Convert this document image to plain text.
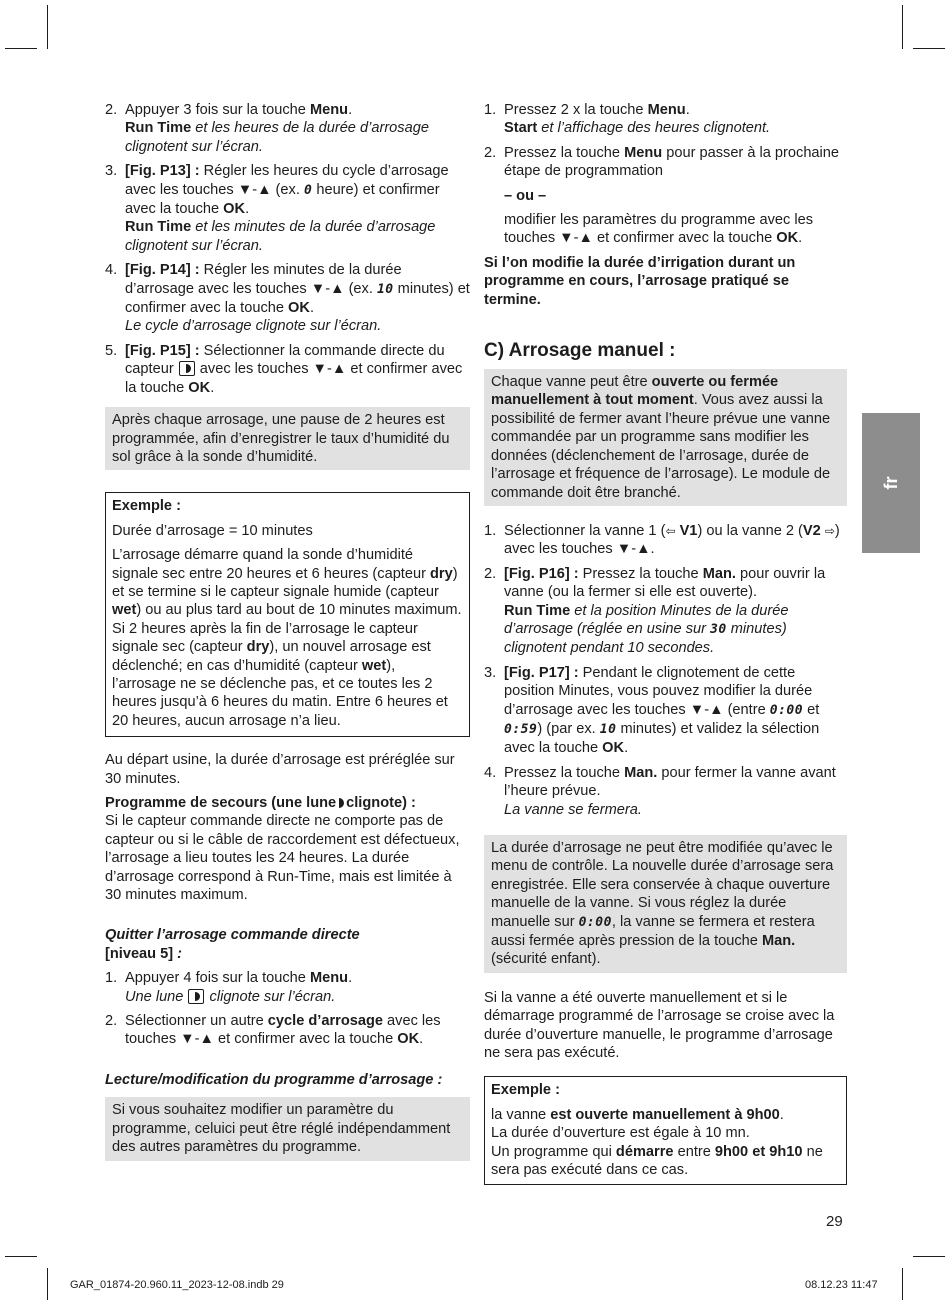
2. Appuyer 3 fois sur la touche Menu.
Run Time et les heures de la durée d’arrosage clignotent sur l’écran.
3. [Fig. P13] : Régler les heures du cycle d’arrosage avec les touches ▼-▲ (ex. 0 heure) et confirmer avec la touche OK.
Run Time et les minutes de la durée d’arrosage clignotent sur l’écran.
4. [Fig. P14] : Régler les minutes de la durée d’arrosage avec les touches ▼-▲ (ex. 10 minutes) et confirmer avec la touche OK.
Le cycle d’arrosage clignote sur l’écran.
5. [Fig. P15] : Sélectionner la commande directe du capteur  avec les touches ▼-▲ et confirmer avec la touche OK.
Après chaque arrosage, une pause de 2 heures est programmée, afin d’enregistrer le taux d’humidité du sol grâce à la sonde d’humidité.

Exemple :

Durée d’arrosage = 10 minutes

L’arrosage démarre quand la sonde d’humidité signale sec entre 20 heures et 6 heures (capteur dry) et se termine si le capteur signale humide (capteur wet) ou au plus tard au bout de 10 minutes maximum. Si 2 heures après la fin de l’arrosage le capteur signale sec (capteur dry), un nouvel arrosage est déclenché; en cas d’humidité (capteur wet), l’arrosage ne se déclenche pas, et ce toutes les 2 heures jusqu’à 6 heures du matin. Entre 6 heures et 20 heures, aucun arrosage n’a lieu.

Au départ usine, la durée d’arrosage est préréglée sur 30 minutes.

Programme de secours (une lune clignote) :
Si le capteur commande directe ne comporte pas de capteur ou si le câble de raccordement est défectueux, l’arrosage a lieu toutes les 24 heures. La durée d’arrosage correspond à Run-Time, mais est limitée à 30 minutes maximum.

Quitter l’arrosage commande directe
[niveau 5] :

1. Appuyer 4 fois sur la touche Menu.
Une lune  clignote sur l’écran.
2. Sélectionner un autre cycle d’arrosage avec les touches ▼-▲ et confirmer avec la touche OK.

Lecture/modification du programme d’arrosage :

Si vous souhaitez modifier un paramètre du programme, celuici peut être réglé indépendamment des autres paramètres du programme.
1. Pressez 2 x la touche Menu.
Start et l’affichage des heures clignotent.
2. Pressez la touche Menu pour passer à la prochaine étape de programmation
– ou –
modifier les paramètres du programme avec les touches ▼-▲ et confirmer avec la touche OK.

Si l’on modifie la durée d’irrigation durant un programme en cours, l’arrosage pratiqué se termine.

C) Arrosage manuel :
Chaque vanne peut être ouverte ou fermée manuellement à tout moment. Vous avez aussi la possibilité de fermer avant l’heure prévue une vanne commandée par un programme sans modifier les données (déclenchement de l’arrosage, durée de l’arrosage et fréquence de l’arrosage). Le module de commande doit être branché.
1. Sélectionner la vanne 1 (⇦ V1) ou la vanne 2 (V2 ⇨) avec les touches ▼-▲.
2. [Fig. P16] : Pressez la touche Man. pour ouvrir la vanne (ou la fermer si elle est ouverte).
Run Time et la position Minutes de la durée d’arrosage (réglée en usine sur 30 minutes) clignotent pendant 10 secondes.
3. [Fig. P17] : Pendant le clignotement de cette position Minutes, vous pouvez modifier la durée d’arrosage avec les touches ▼-▲ (entre 0:00 et 0:59) (par ex. 10 minutes) et validez la sélection avec la touche OK.
4. Pressez la touche Man. pour fermer la vanne avant l’heure prévue.
La vanne se fermera.
La durée d’arrosage ne peut être modifiée qu’avec le menu de contrôle. La nouvelle durée d’arrosage sera enregistrée. Elle sera conservée à chaque ouverture manuelle de la vanne. Si vous réglez la durée manuelle sur 0:00, la vanne se fermera et restera aussi fermée après pression de la touche Man. (sécurité enfant).

Si la vanne a été ouverte manuellement et si le démarrage programmé de l’arrosage se croise avec la durée d’ouverture manuelle, le programme d’arrosage ne sera pas exécuté.

Exemple :

la vanne est ouverte manuellement à 9h00.
La durée d’ouverture est égale à 10 mn.
Un programme qui démarre entre 9h00 et 9h10 ne sera pas exécuté dans ce cas.
fr
29
GAR_01874-20.960.11_2023-12-08.indb 29	08.12.23 11:47
